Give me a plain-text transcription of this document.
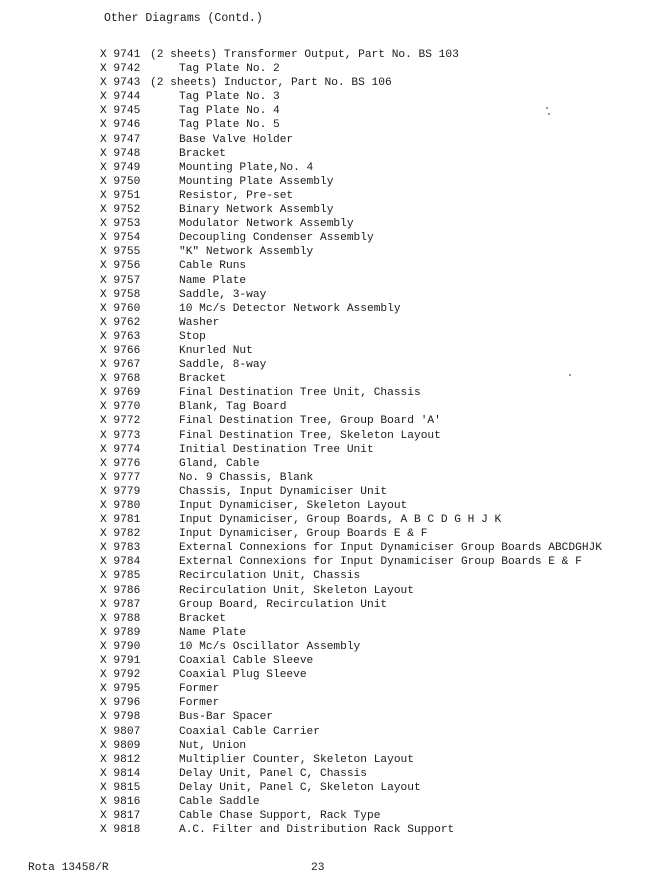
Other Diagrams (Contd.)
X 9741 (2 sheets) Transformer Output, Part No. BS 103
X 9742	Tag Plate No. 2
X 9743 (2 sheets) Inductor, Part No. BS 106
X 9744	Tag Plate No. 3
X 9745	Tag Plate No. 4
X 9746	Tag Plate No. 5
X 9747	Base Valve Holder
X 9748	Bracket
X 9749	Mounting Plate,No. 4
X 9750	Mounting Plate Assembly
X 9751	Resistor, Pre-set
X 9752	Binary Network Assembly
X 9753	Modulator Network Assembly
X 9754	Decoupling Condenser Assembly
X 9755	"K" Network Assembly
X 9756	Cable Runs
X 9757	Name Plate
X 9758	Saddle, 3-way
X 9760	10 Mc/s Detector Network Assembly
X 9762	Washer
X 9763	Stop
X 9766	Knurled Nut
X 9767	Saddle, 8-way
X 9768	Bracket
X 9769	Final Destination Tree Unit, Chassis
X 9770	Blank, Tag Board
X 9772	Final Destination Tree, Group Board 'A'
X 9773	Final Destination Tree, Skeleton Layout
X 9774	Initial Destination Tree Unit
X 9776	Gland, Cable
X 9777	No. 9 Chassis, Blank
X 9779	Chassis, Input Dynamiciser Unit
X 9780	Input Dynamiciser, Skeleton Layout
X 9781	Input Dynamiciser, Group Boards, A B C D G H J K
X 9782	Input Dynamiciser, Group Boards E & F
X 9783	External Connexions for Input Dynamiciser Group Boards ABCDGHJK
X 9784	External Connexions for Input Dynamiciser Group Boards E & F
X 9785	Recirculation Unit, Chassis
X 9786	Recirculation Unit, Skeleton Layout
X 9787	Group Board, Recirculation Unit
X 9788	Bracket
X 9789	Name Plate
X 9790	10 Mc/s Oscillator Assembly
X 9791	Coaxial Cable Sleeve
X 9792	Coaxial Plug Sleeve
X 9795	Former
X 9796	Former
X 9798	Bus-Bar Spacer
X 9807	Coaxial Cable Carrier
X 9809	Nut, Union
X 9812	Multiplier Counter, Skeleton Layout
X 9814	Delay Unit, Panel C, Chassis
X 9815	Delay Unit, Panel C, Skeleton Layout
X 9816	Cable Saddle
X 9817	Cable Chase Support, Rack Type
X 9818	A.C. Filter and Distribution Rack Support
Rota 13458/R	23
